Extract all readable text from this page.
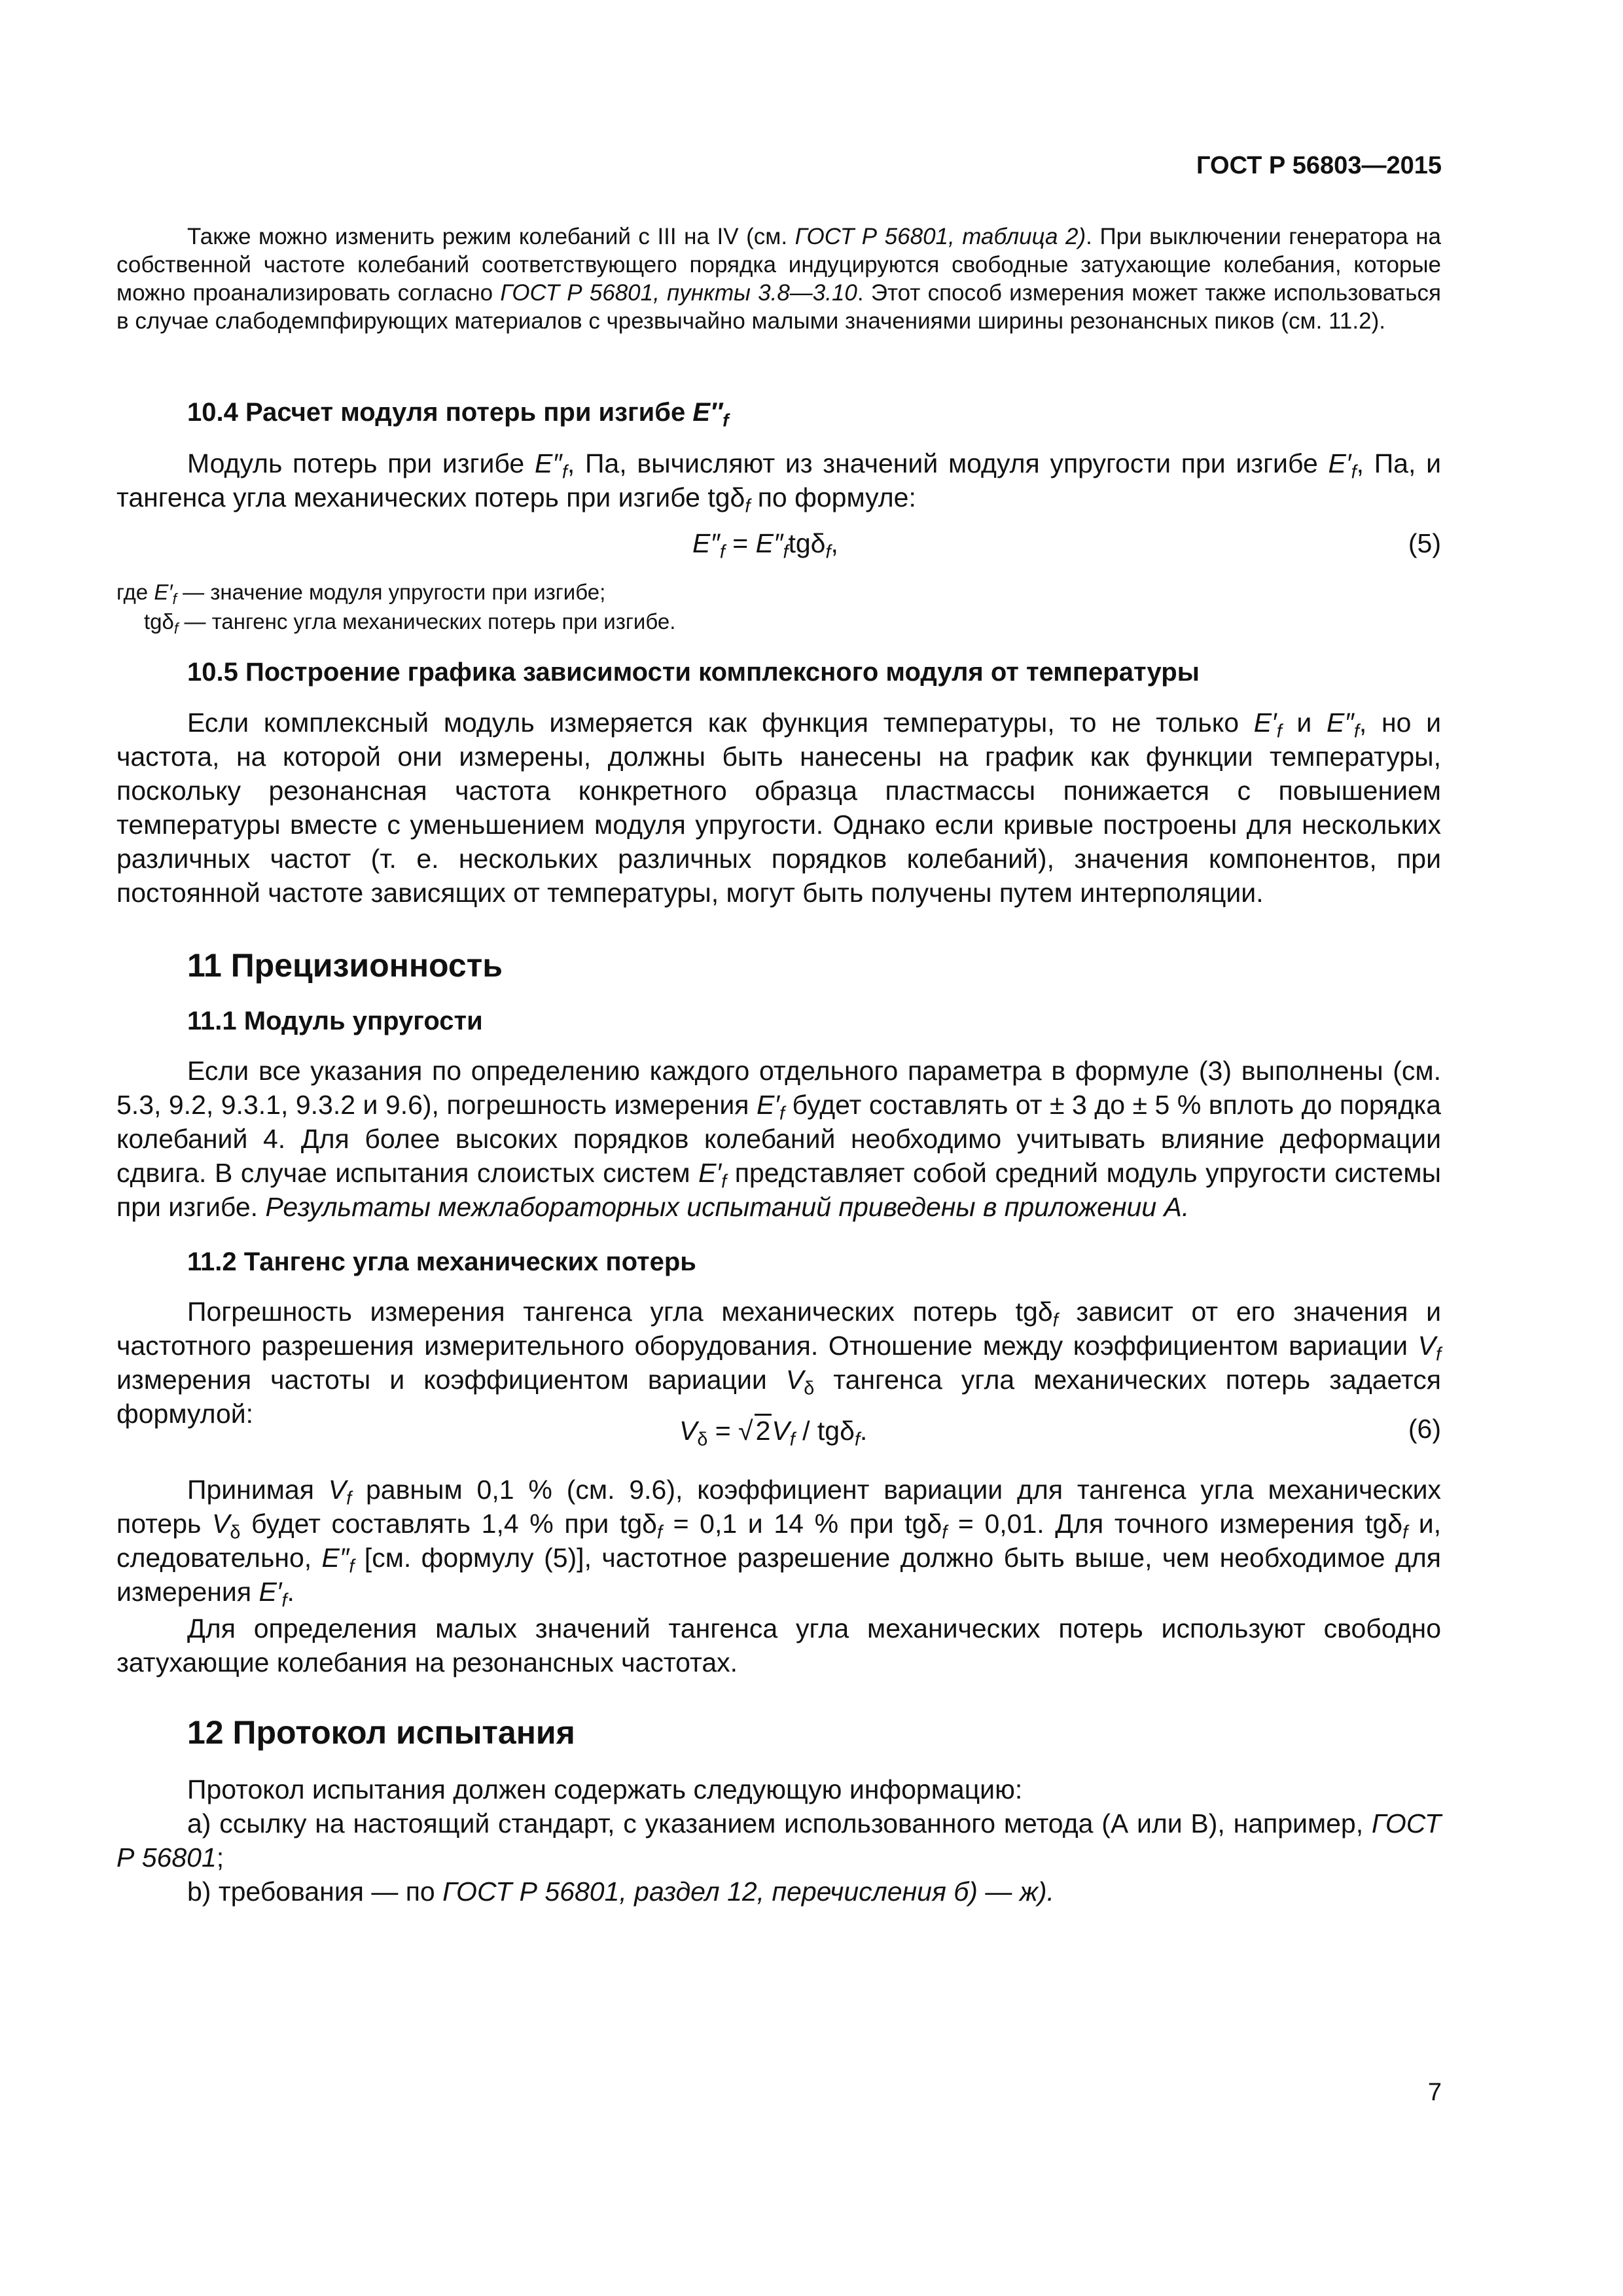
ГОСТ Р 56803—2015
Также можно изменить режим колебаний с III на IV (см. ГОСТ Р 56801, таблица 2). При выключении генератора на собственной частоте колебаний соответствующего порядка индуцируются свободные затухающие колебания, которые можно проанализировать согласно ГОСТ Р 56801, пункты 3.8—3.10. Этот способ измерения может также использоваться в случае слабодемпфирующих материалов с чрезвычайно малыми значениями ширины резонансных пиков (см. 11.2).
10.4 Расчет модуля потерь при изгибе $E''_f$
Модуль потерь при изгибе $E''_f$, Па, вычисляют из значений модуля упругости при изгибе $E'_f$, Па, и тангенса угла механических потерь при изгибе tgδ$_f$ по формуле:
$E''_f = E''_ftg\delta_f$,	(5)
где $E'_f$ — значение модуля упругости при изгибе;
tgδ$_f$ — тангенс угла механических потерь при изгибе.
10.5 Построение графика зависимости комплексного модуля от температуры
Если комплексный модуль измеряется как функция температуры, то не только $E'_f$ и $E''_f$, но и частота, на которой они измерены, должны быть нанесены на график как функции температуры, поскольку резонансная частота конкретного образца пластмассы понижается с повышением температуры вместе с уменьшением модуля упругости. Однако если кривые построены для нескольких различных частот (т. е. нескольких различных порядков колебаний), значения компонентов, при постоянной частоте зависящих от температуры, могут быть получены путем интерполяции.
11 Прецизионность
11.1 Модуль упругости
Если все указания по определению каждого отдельного параметра в формуле (3) выполнены (см. 5.3, 9.2, 9.3.1, 9.3.2 и 9.6), погрешность измерения $E'_f$ будет составлять от ± 3 до ± 5 % вплоть до порядка колебаний 4. Для более высоких порядков колебаний необходимо учитывать влияние деформации сдвига. В случае испытания слоистых систем $E'_f$ представляет собой средний модуль упругости системы при изгибе. Результаты межлабораторных испытаний приведены в приложении А.
11.2 Тангенс угла механических потерь
Погрешность измерения тангенса угла механических потерь tgδ$_f$ зависит от его значения и частотного разрешения измерительного оборудования. Отношение между коэффициентом вариации $V_f$ измерения частоты и коэффициентом вариации $V_\delta$ тангенса угла механических потерь задается формулой:
$V_\delta = √2V_f / tg\delta_f$.	(6)
Принимая $V_f$ равным 0,1 % (см. 9.6), коэффициент вариации для тангенса угла механических потерь $V_\delta$ будет составлять 1,4 % при tgδ$_f$ = 0,1 и 14 % при tgδ$_f$ = 0,01. Для точного измерения tgδ$_f$ и, следовательно, $E''_f$ [см. формулу (5)], частотное разрешение должно быть выше, чем необходимое для измерения $E'_f$.
Для определения малых значений тангенса угла механических потерь используют свободно затухающие колебания на резонансных частотах.
12 Протокол испытания
Протокол испытания должен содержать следующую информацию:
a) ссылку на настоящий стандарт, с указанием использованного метода (А или В), например, ГОСТ Р 56801;
b) требования — по ГОСТ Р 56801, раздел 12, перечисления б) — ж).
7
